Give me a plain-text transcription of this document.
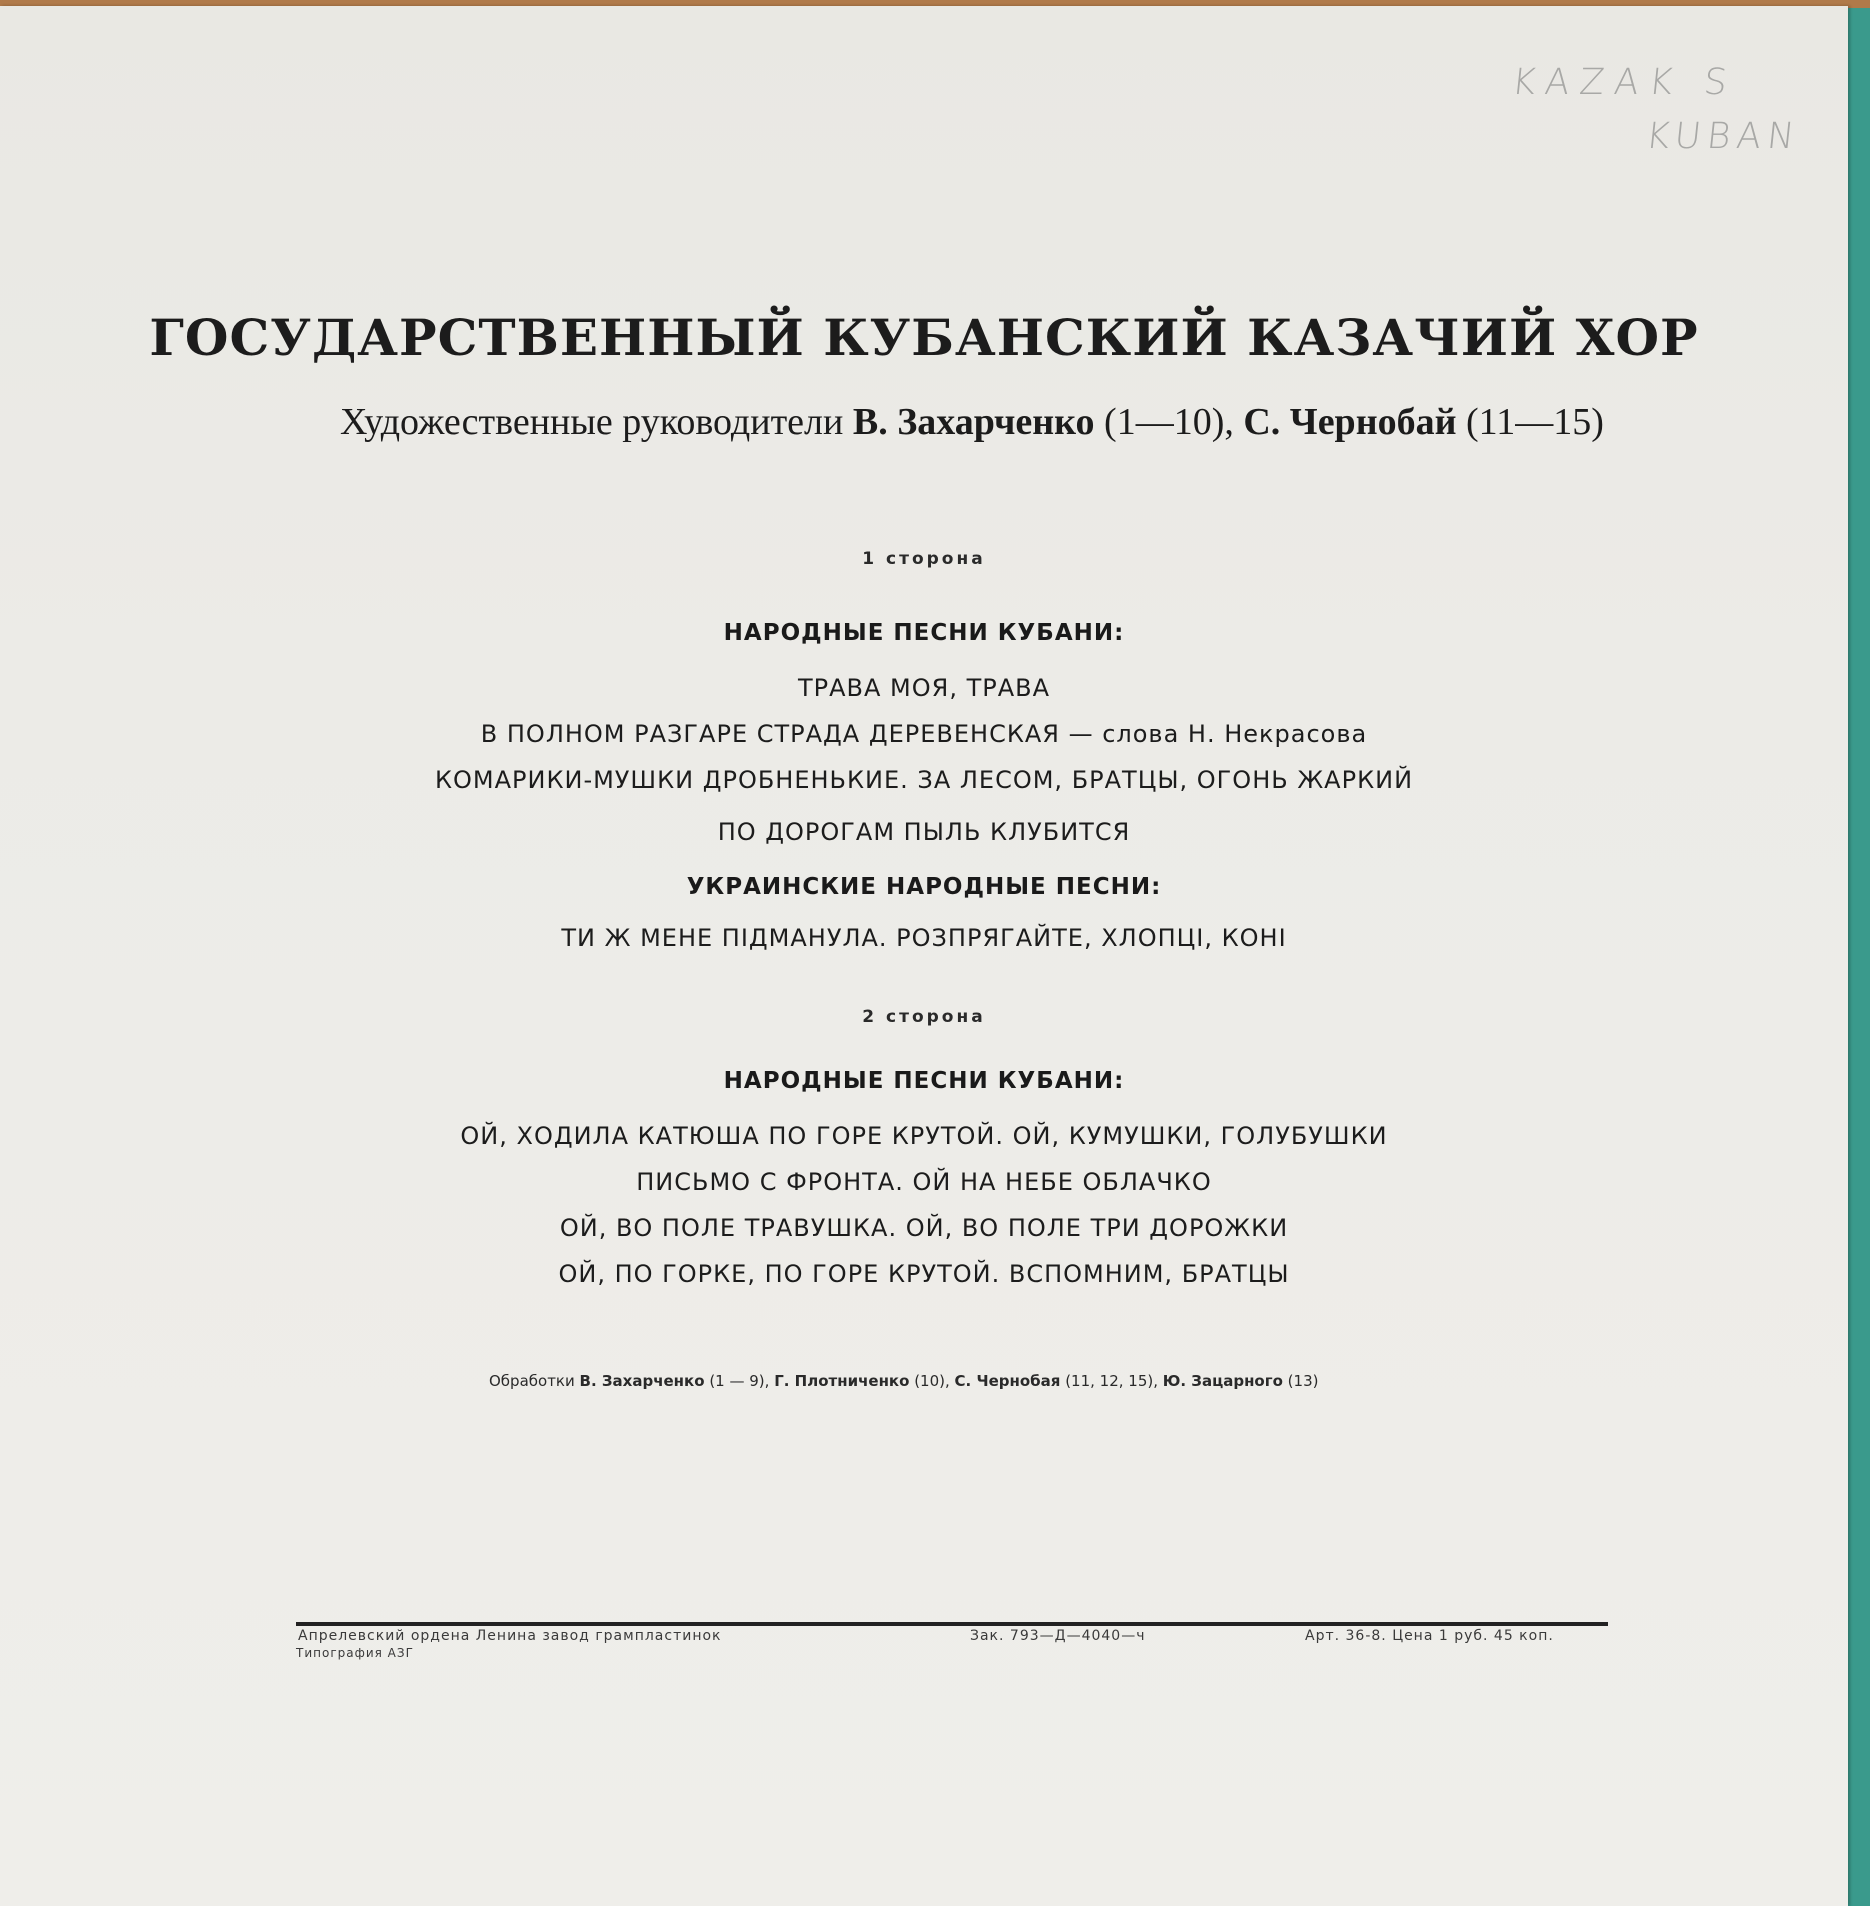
KAZAK S
KUBAN
ГОСУДАРСТВЕННЫЙ КУБАНСКИЙ КАЗАЧИЙ ХОР
Художественные руководители В. Захарченко (1—10), С. Чернобай (11—15)
1 сторона
НАРОДНЫЕ ПЕСНИ КУБАНИ:
ТРАВА МОЯ, ТРАВА
В ПОЛНОМ РАЗГАРЕ СТРАДА ДЕРЕВЕНСКАЯ — слова Н. Некрасова
КОМАРИКИ-МУШКИ ДРОБНЕНЬКИЕ. ЗА ЛЕСОМ, БРАТЦЫ, ОГОНЬ ЖАРКИЙ
ПО ДОРОГАМ ПЫЛЬ КЛУБИТСЯ
УКРАИНСКИЕ НАРОДНЫЕ ПЕСНИ:
ТИ Ж МЕНЕ ПІДМАНУЛА. РОЗПРЯГАЙТЕ, ХЛОПЦІ, КОНІ
2 сторона
НАРОДНЫЕ ПЕСНИ КУБАНИ:
ОЙ, ХОДИЛА КАТЮША ПО ГОРЕ КРУТОЙ. ОЙ, КУМУШКИ, ГОЛУБУШКИ
ПИСЬМО С ФРОНТА. ОЙ НА НЕБЕ ОБЛАЧКО
ОЙ, ВО ПОЛЕ ТРАВУШКА. ОЙ, ВО ПОЛЕ ТРИ ДОРОЖКИ
ОЙ, ПО ГОРКЕ, ПО ГОРЕ КРУТОЙ. ВСПОМНИМ, БРАТЦЫ
Обработки В. Захарченко (1 — 9), Г. Плотниченко (10), С. Чернобая (11, 12, 15), Ю. Зацарного (13)
Апрелевский ордена Ленина завод грампластинок
Типография АЗГ
Зак. 793—Д—4040—ч	Арт. 36-8. Цена 1 руб. 45 коп.
